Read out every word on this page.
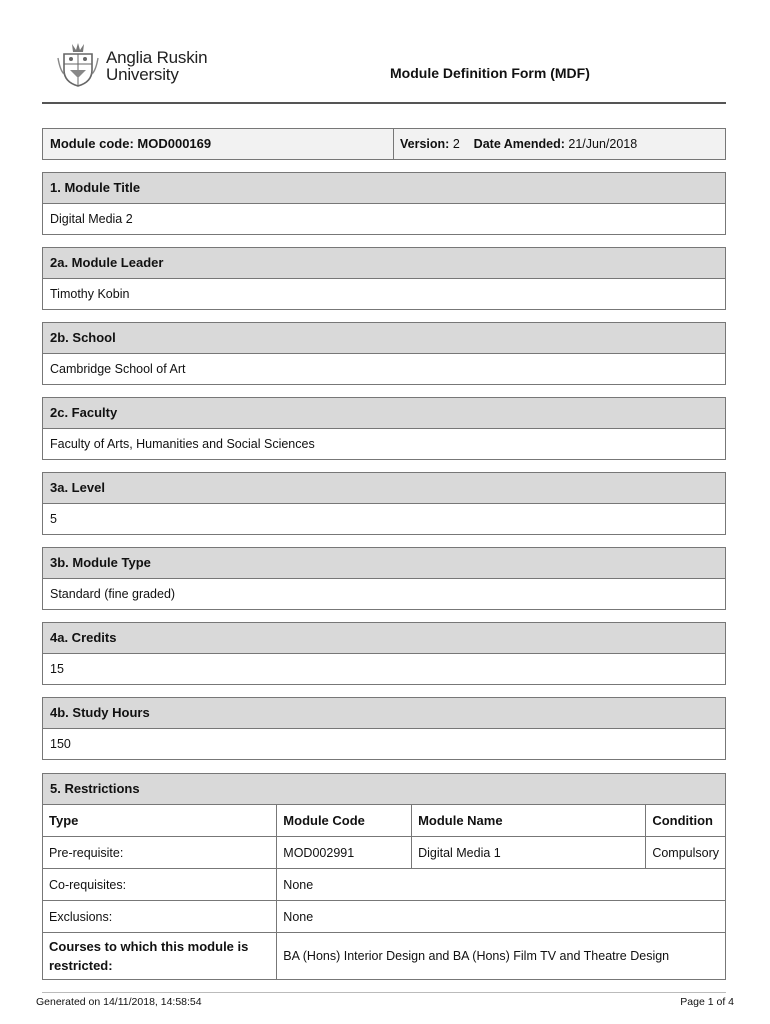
Anglia Ruskin
University	Module Definition Form (MDF)
Module code: MOD000169	Version: 2 Date Amended: 21/Jun/2018
1. Module Title
Digital Media 2
2a. Module Leader
Timothy Kobin
2b. School
Cambridge School of Art
2c. Faculty
Faculty of Arts, Humanities and Social Sciences
3a. Level
5
3b. Module Type
Standard (fine graded)
4a. Credits
15
4b. Study Hours
150
5. Restrictions
Type	Module Code	Module Name	Condition
Pre-requisite:	MOD002991	Digital Media 1	Compulsory
Co-requisites:	None		
Exclusions:	None		
Courses to which this module is restricted:	BA (Hons) Interior Design and BA (Hons) Film TV and Theatre Design		
Generated on 14/11/2018, 14:58:54	Page 1 of 4
